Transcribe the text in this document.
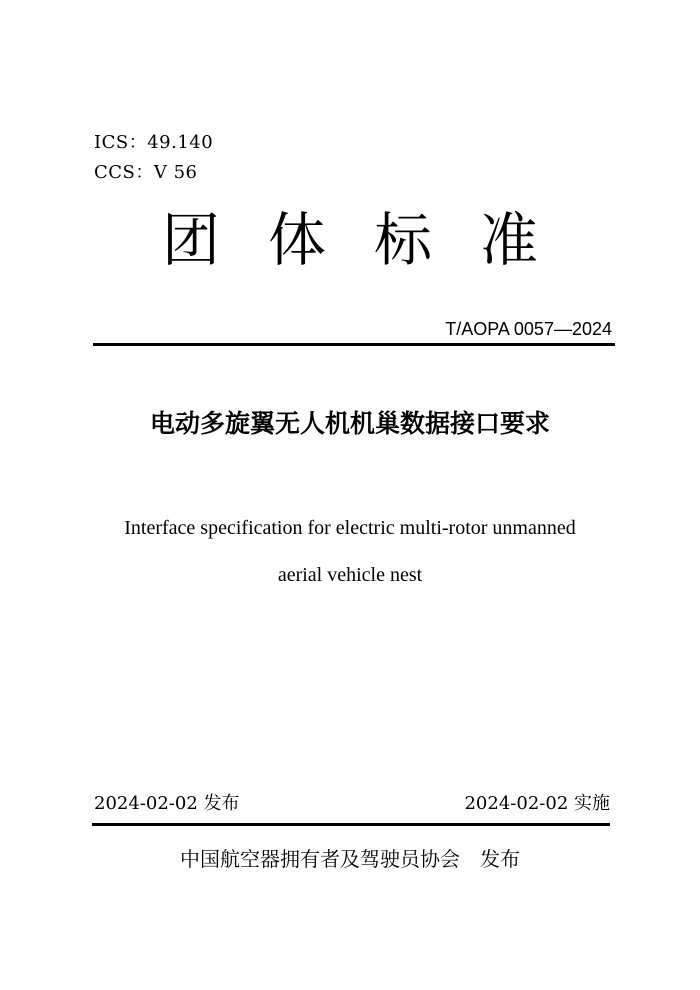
ICS：49.140
CCS：V 56
团体标准
T/AOPA 0057—2024
电动多旋翼无人机机巢数据接口要求
Interface specification for electric multi-rotor unmanned
aerial vehicle nest
2024-02-02 发布	2024-02-02 实施
中国航空器拥有者及驾驶员协会　发布
